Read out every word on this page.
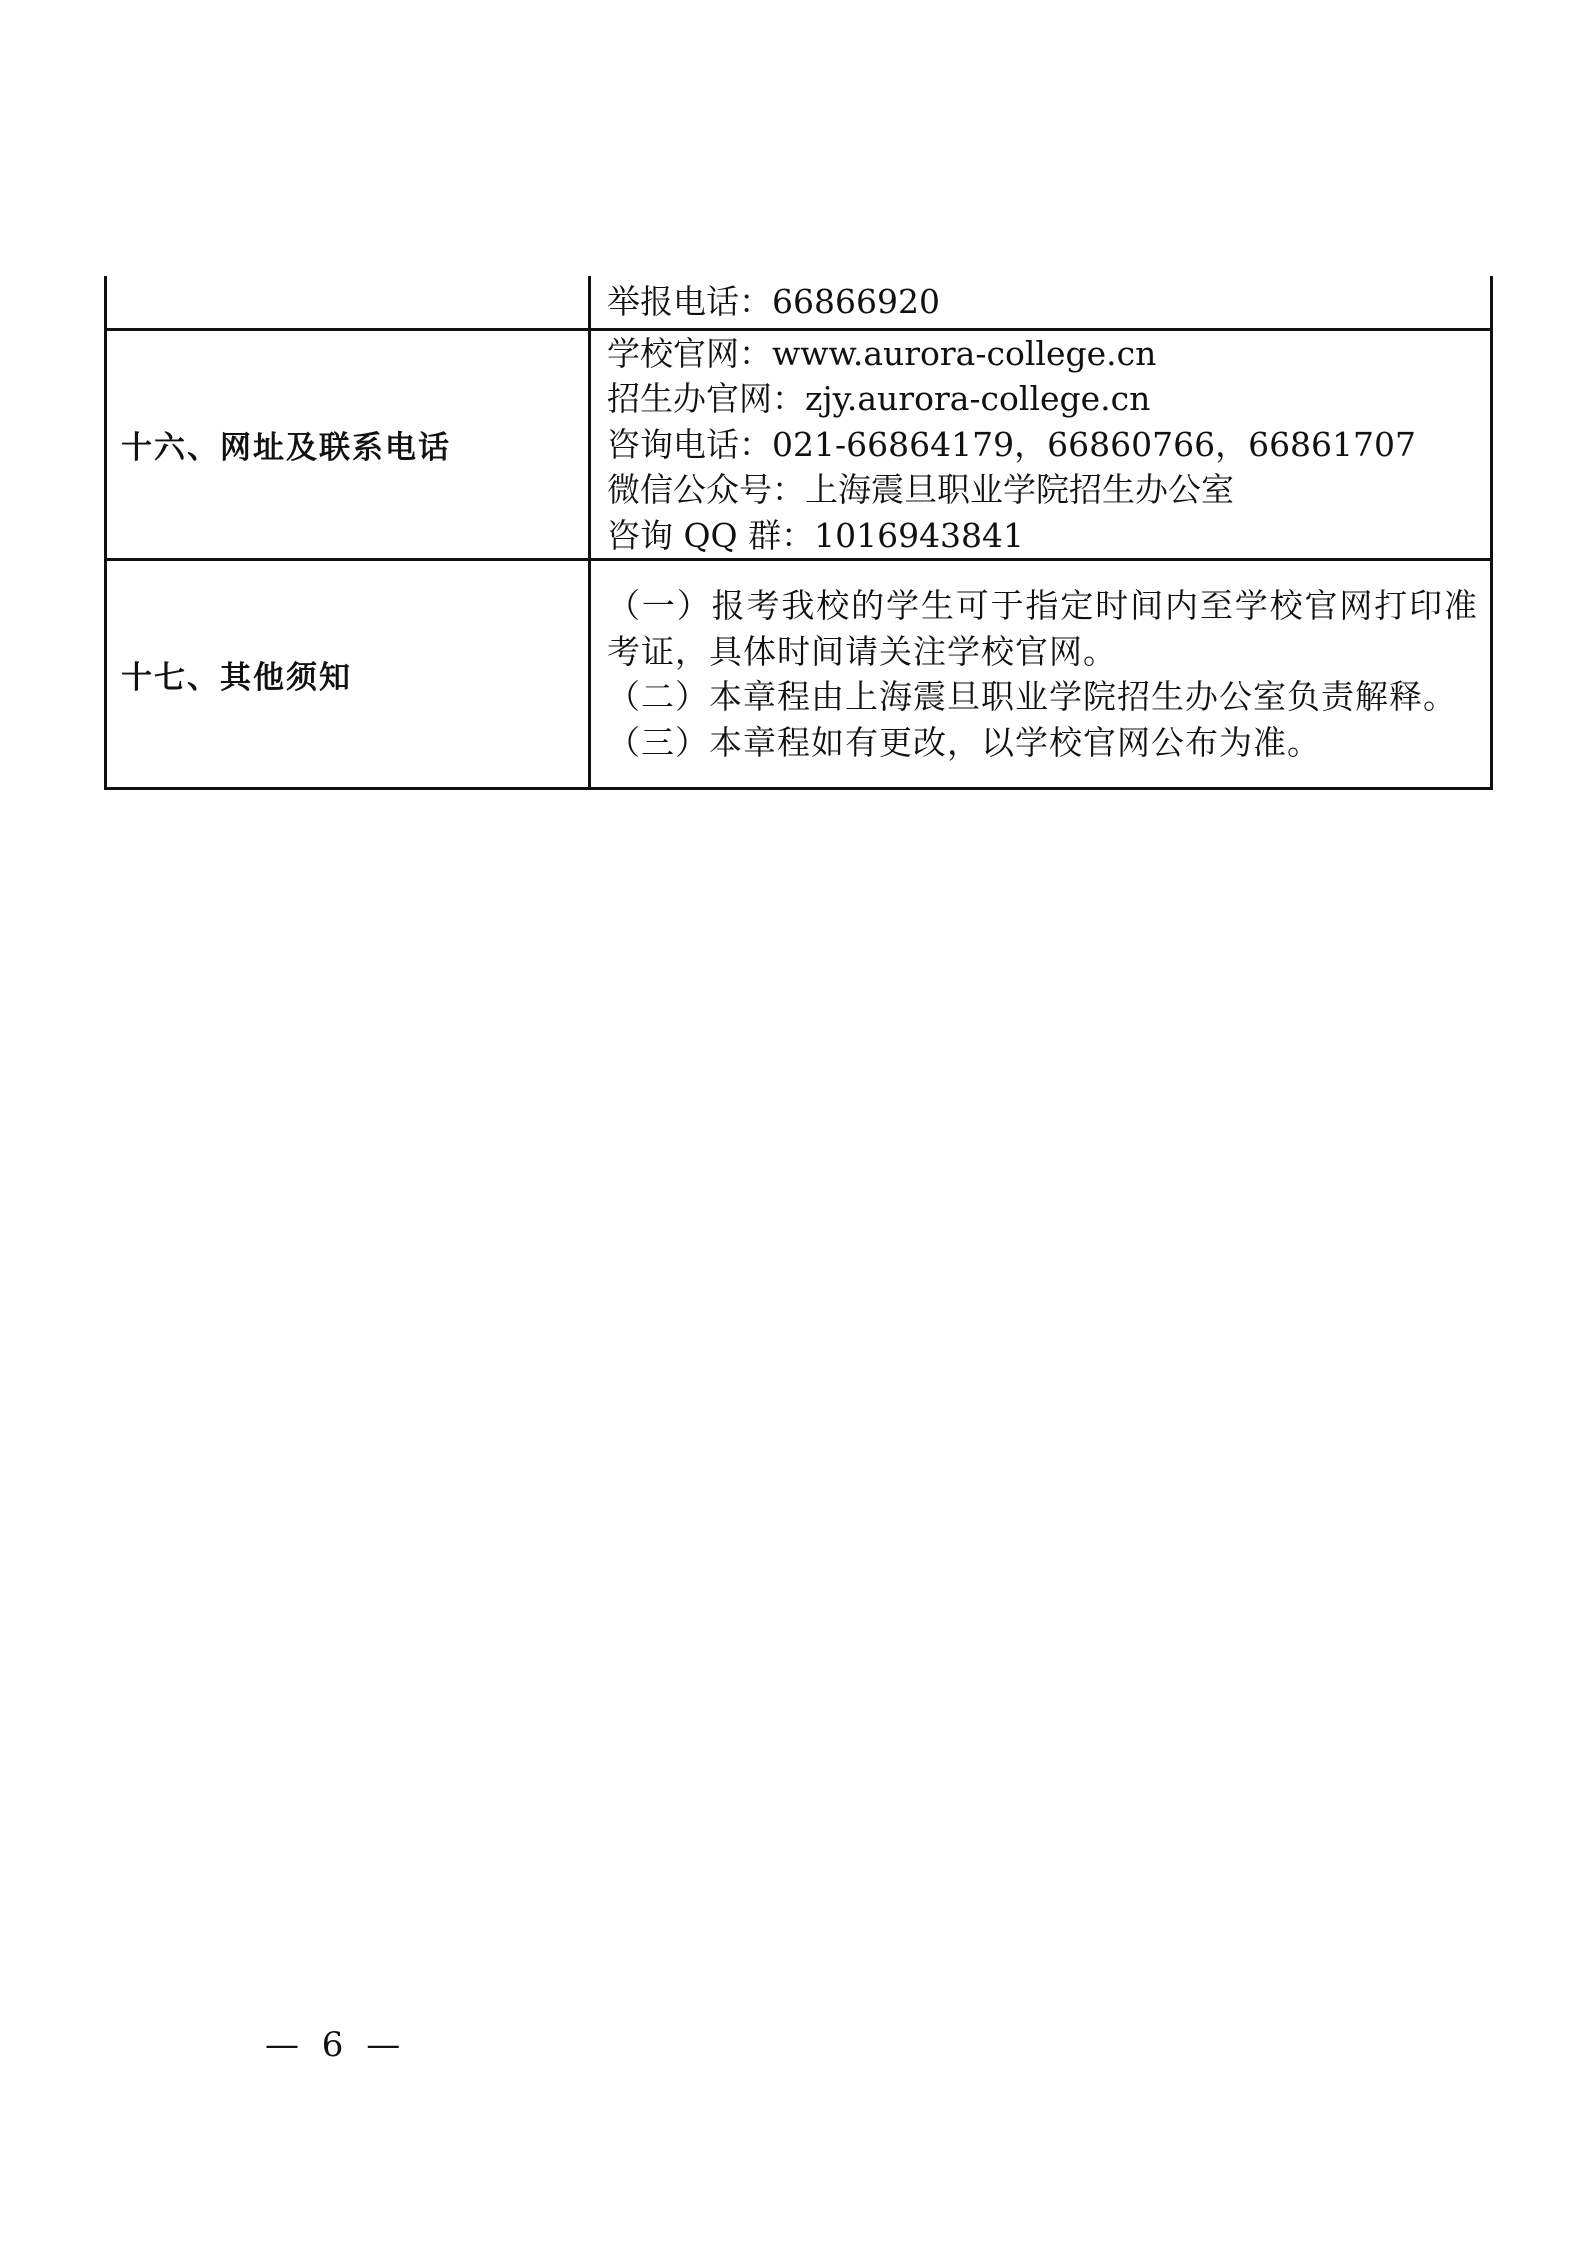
	举报电话：66866920

十六、网址及联系电话	学校官网：www.aurora-college.cn
招生办官网：zjy.aurora-college.cn
咨询电话：021-66864179，66860766，66861707
微信公众号：上海震旦职业学院招生办公室
咨询 QQ 群：1016943841

十七、其他须知	（一）报考我校的学生可于指定时间内至学校官网打印准考证，具体时间请关注学校官网。
（二）本章程由上海震旦职业学院招生办公室负责解释。
（三）本章程如有更改，以学校官网公布为准。
— 6 —
